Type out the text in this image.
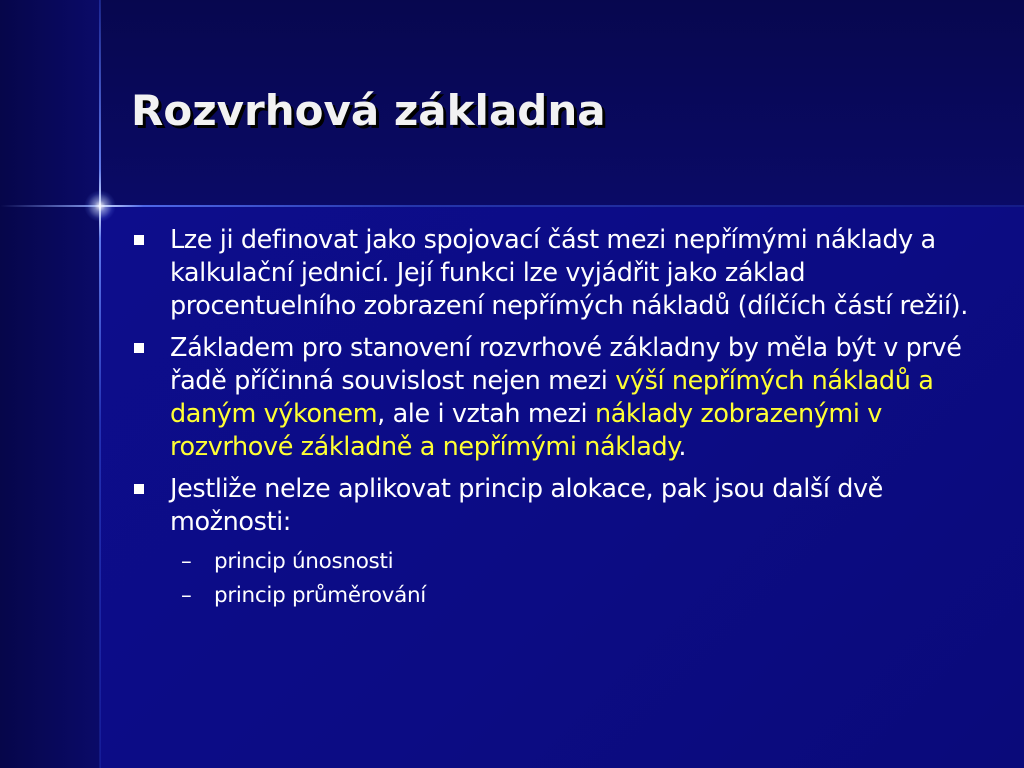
Rozvrhová základna
Lze ji definovat jako spojovací část mezi nepřímými náklady a kalkulační jednicí. Její funkci lze vyjádřit jako základ procentuelního zobrazení nepřímých nákladů (dílčích částí režií).
Základem pro stanovení rozvrhové základny by měla být v prvé řadě příčinná souvislost nejen mezi výší nepřímých nákladů a daným výkonem, ale i vztah mezi náklady zobrazenými v rozvrhové základně a nepřímými náklady.
Jestliže nelze aplikovat princip alokace, pak jsou další dvě možnosti:
– princip únosnosti
– princip průměrování
